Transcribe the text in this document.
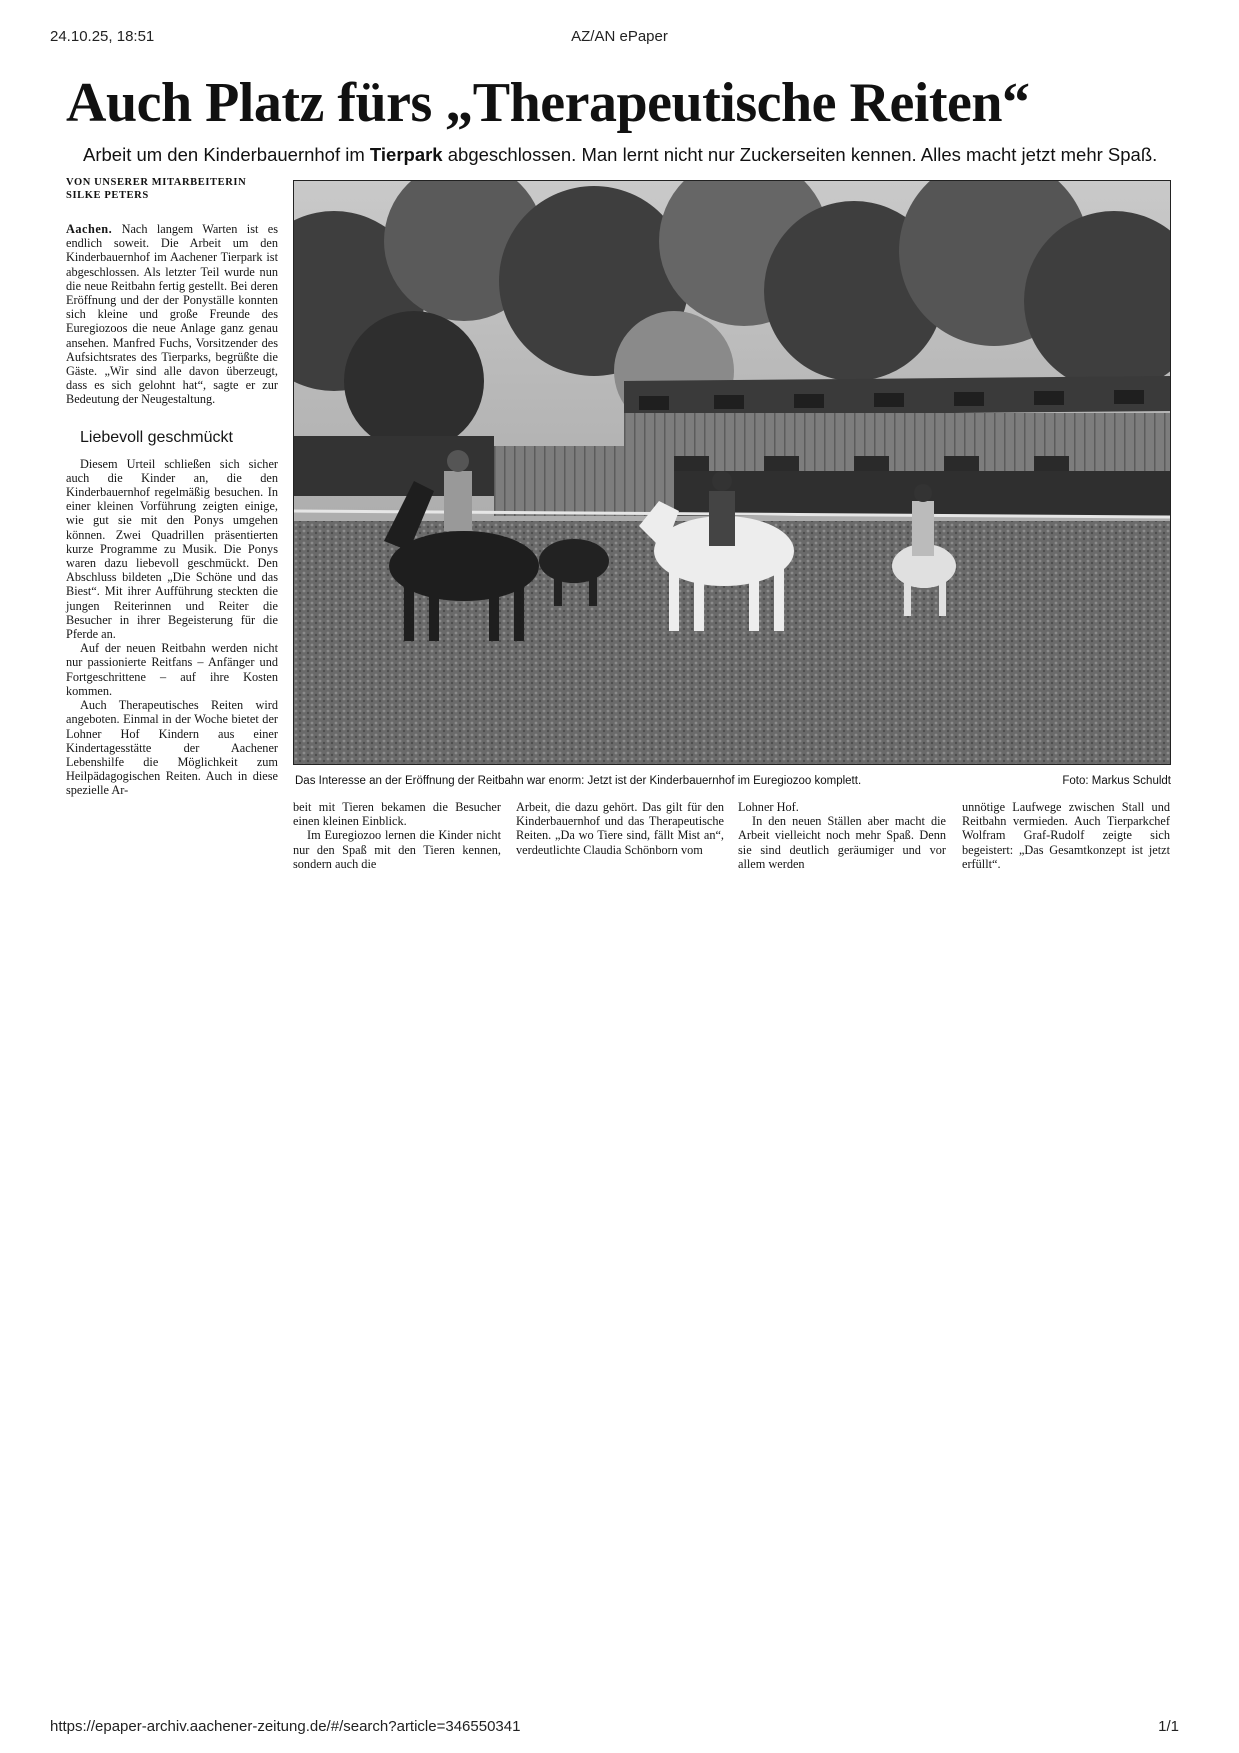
24.10.25, 18:51	AZ/AN ePaper
Auch Platz fürs „Therapeutische Reiten“
Arbeit um den Kinderbauernhof im Tierpark abgeschlossen. Man lernt nicht nur Zuckerseiten kennen. Alles macht jetzt mehr Spaß.
VON UNSERER MITARBEITERIN
SILKE PETERS

Aachen. Nach langem Warten ist es endlich soweit. Die Arbeit um den Kinderbauernhof im Aachener Tierpark ist abgeschlossen. Als letzter Teil wurde nun die neue Reitbahn fertig gestellt. Bei deren Eröffnung und der der Ponyställe konnten sich kleine und große Freunde des Euregiozoos die neue Anlage ganz genau ansehen. Manfred Fuchs, Vorsitzender des Aufsichtsrates des Tierparks, begrüßte die Gäste. „Wir sind alle davon überzeugt, dass es sich gelohnt hat“, sagte er zur Bedeutung der Neugestaltung.

Liebevoll geschmückt

Diesem Urteil schließen sich sicher auch die Kinder an, die den Kinderbauernhof regelmäßig besuchen. In einer kleinen Vorführung zeigten einige, wie gut sie mit den Ponys umgehen können. Zwei Quadrillen präsentierten kurze Programme zu Musik. Die Ponys waren dazu liebevoll geschmückt. Den Abschluss bildeten „Die Schöne und das Biest“. Mit ihrer Aufführung steckten die jungen Reiterinnen und Reiter die Besucher in ihrer Begeisterung für die Pferde an.

Auf der neuen Reitbahn werden nicht nur passionierte Reitfans – Anfänger und Fortgeschrittene – auf ihre Kosten kommen.

Auch Therapeutisches Reiten wird angeboten. Einmal in der Woche bietet der Lohner Hof Kindern aus einer Kindertagesstätte der Aachener Lebenshilfe die Möglichkeit zum Heilpädagogischen Reiten. Auch in diese spezielle Ar-

Das Interesse an der Eröffnung der Reitbahn war enorm: Jetzt ist der Kinderbauernhof im Euregiozoo komplett.	Foto: Markus Schuldt

beit mit Tieren bekamen die Besucher einen kleinen Einblick.

Im Euregiozoo lernen die Kinder nicht nur den Spaß mit den Tieren kennen, sondern auch die

Arbeit, die dazu gehört. Das gilt für den Kinderbauernhof und das Therapeutische Reiten. „Da wo Tiere sind, fällt Mist an“, verdeutlichte Claudia Schönborn vom

Lohner Hof.

In den neuen Ställen aber macht die Arbeit vielleicht noch mehr Spaß. Denn sie sind deutlich geräumiger und vor allem werden

unnötige Laufwege zwischen Stall und Reitbahn vermieden. Auch Tierparkchef Wolfram Graf-Rudolf zeigte sich begeistert: „Das Gesamtkonzept ist jetzt erfüllt“.

https://epaper-archiv.aachener-zeitung.de/#/search?article=346550341	1/1
